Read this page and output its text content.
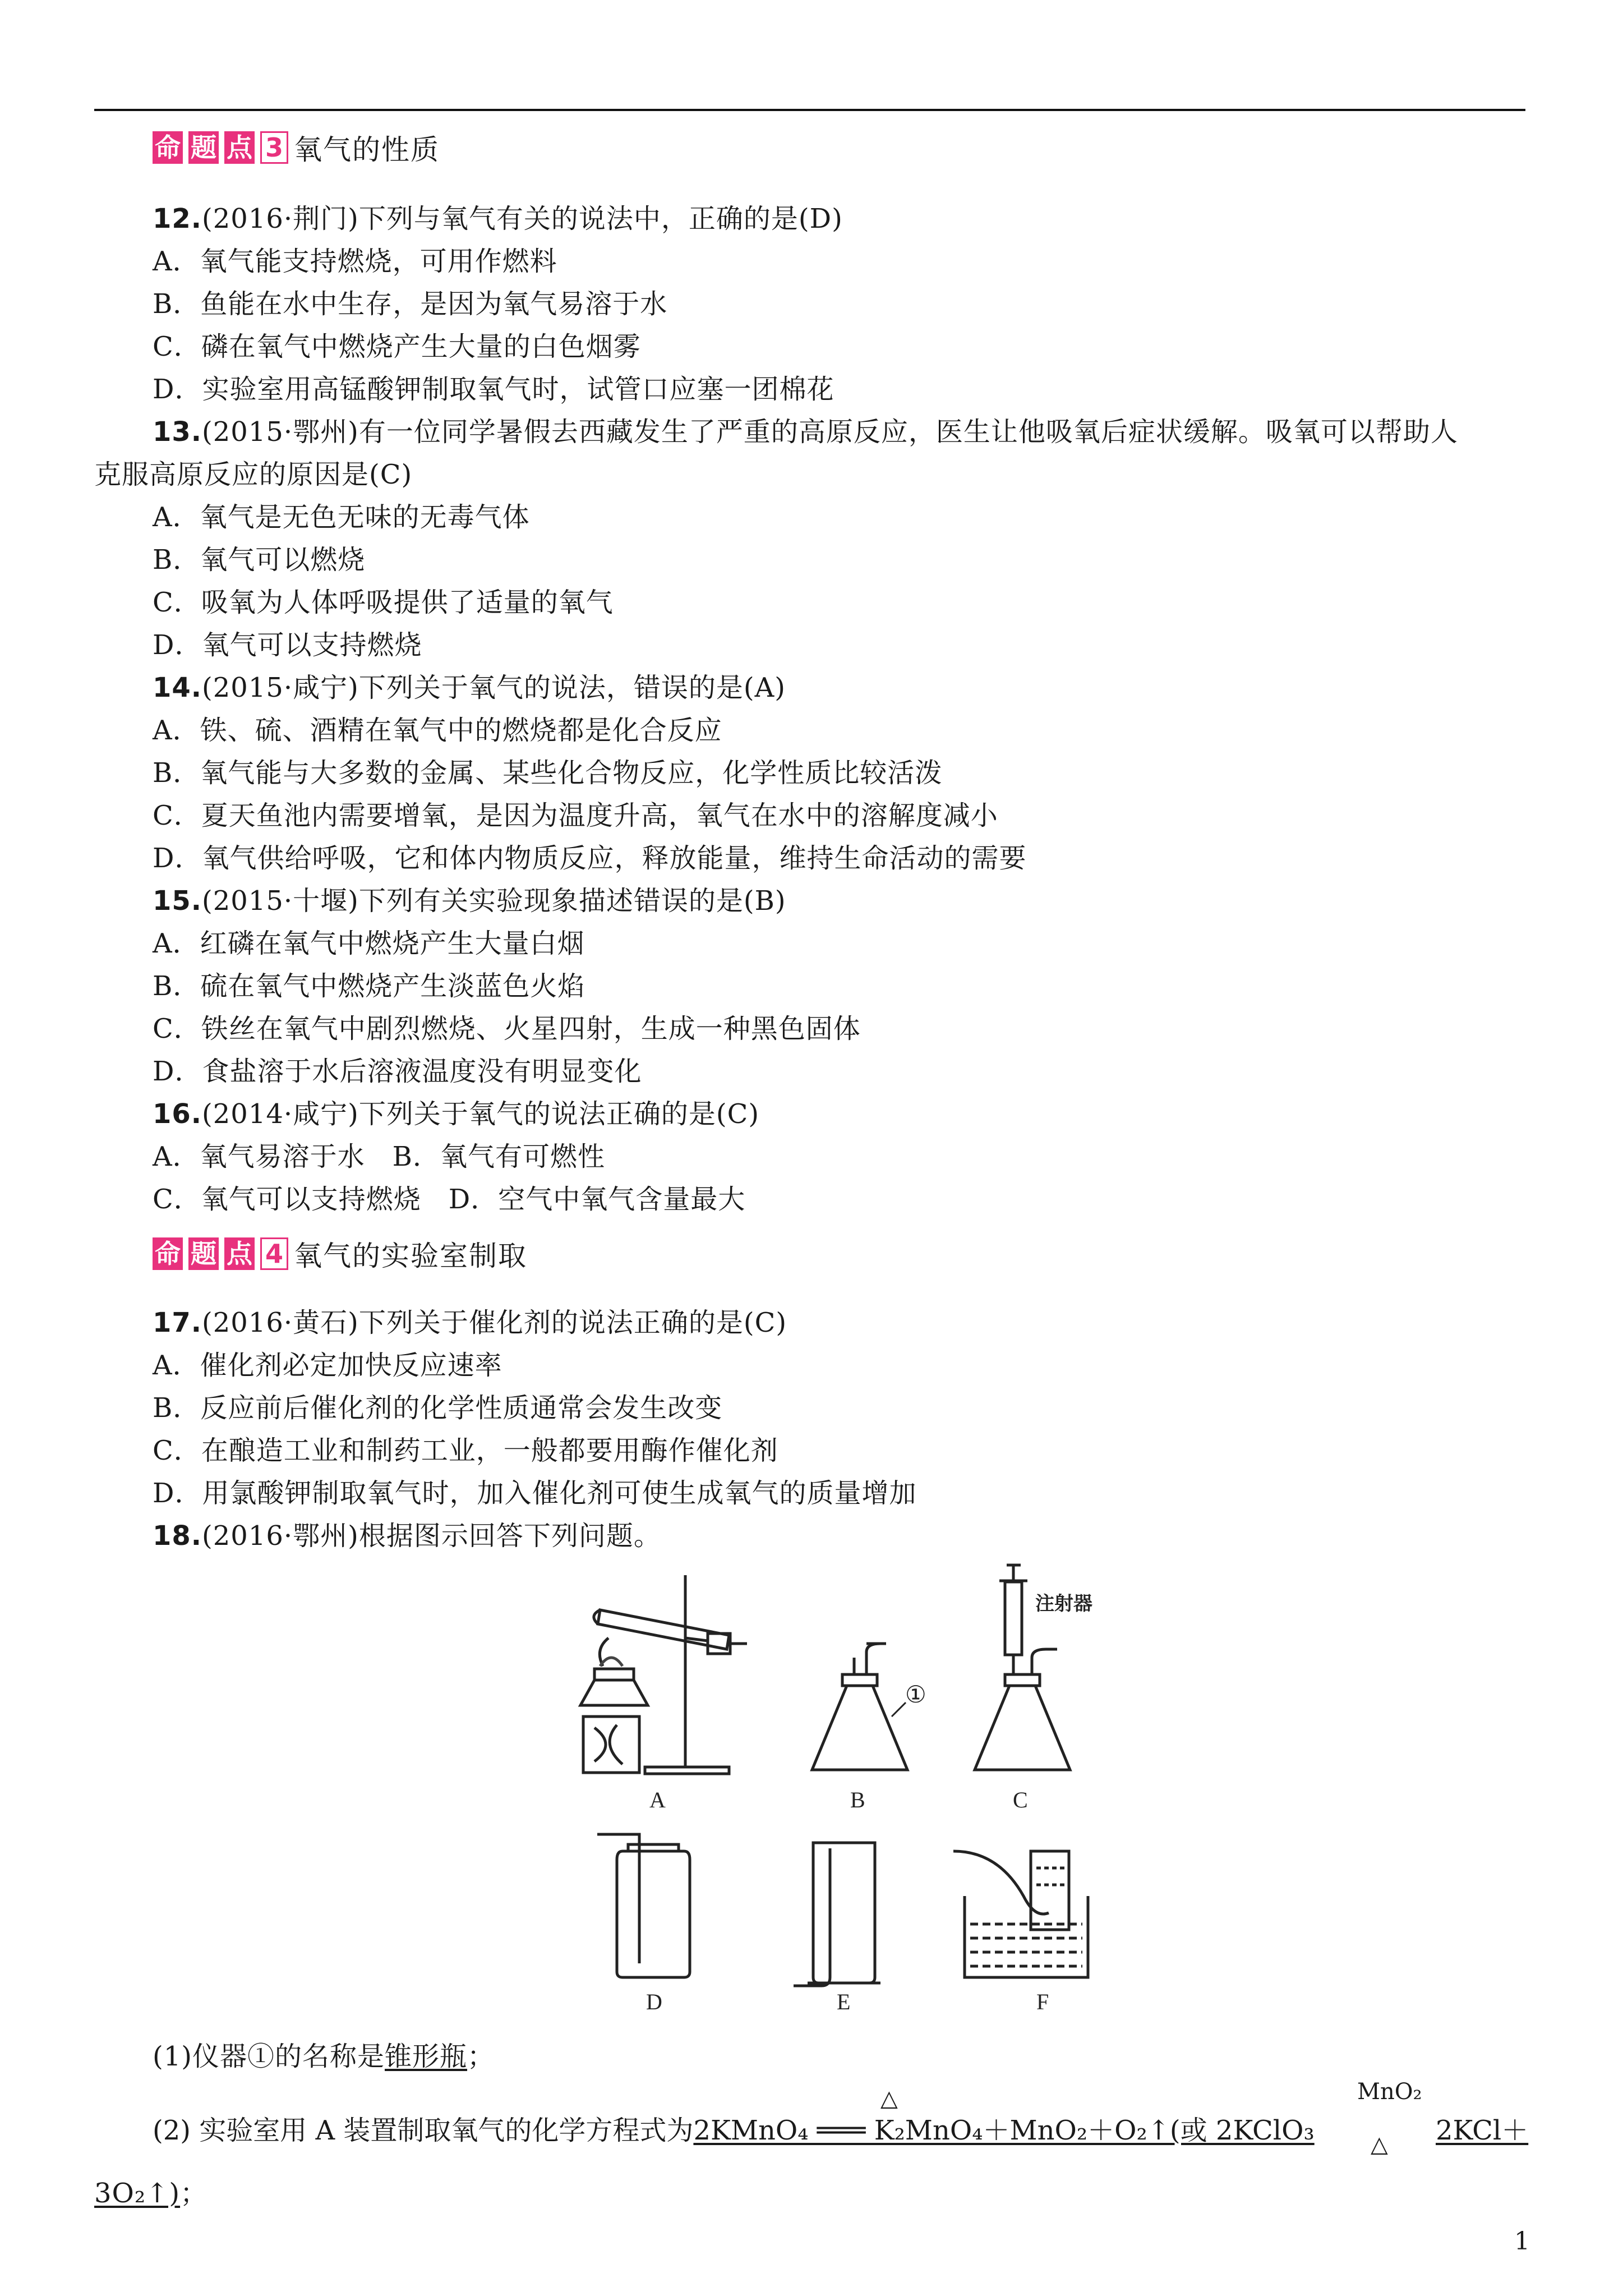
命 题 点 3 氧气的性质
12.(2016·荆门)下列与氧气有关的说法中，正确的是(D)
A．氧气能支持燃烧，可用作燃料
B．鱼能在水中生存，是因为氧气易溶于水
C．磷在氧气中燃烧产生大量的白色烟雾
D．实验室用高锰酸钾制取氧气时，试管口应塞一团棉花
13.(2015·鄂州)有一位同学暑假去西藏发生了严重的高原反应，医生让他吸氧后症状缓解。吸氧可以帮助人
克服高原反应的原因是(C)
A．氧气是无色无味的无毒气体
B．氧气可以燃烧
C．吸氧为人体呼吸提供了适量的氧气
D．氧气可以支持燃烧
14.(2015·咸宁)下列关于氧气的说法，错误的是(A)
A．铁、硫、酒精在氧气中的燃烧都是化合反应
B．氧气能与大多数的金属、某些化合物反应，化学性质比较活泼
C．夏天鱼池内需要增氧，是因为温度升高，氧气在水中的溶解度减小
D．氧气供给呼吸，它和体内物质反应，释放能量，维持生命活动的需要
15.(2015·十堰)下列有关实验现象描述错误的是(B)
A．红磷在氧气中燃烧产生大量白烟
B．硫在氧气中燃烧产生淡蓝色火焰
C．铁丝在氧气中剧烈燃烧、火星四射，生成一种黑色固体
D．食盐溶于水后溶液温度没有明显变化
16.(2014·咸宁)下列关于氧气的说法正确的是(C)
A．氧气易溶于水　B．氧气有可燃性
C．氧气可以支持燃烧　D．空气中氧气含量最大
命 题 点 4 氧气的实验室制取
17.(2016·黄石)下列关于催化剂的说法正确的是(C)
A．催化剂必定加快反应速率
B．反应前后催化剂的化学性质通常会发生改变
C．在酿造工业和制药工业，一般都要用酶作催化剂
D．用氯酸钾制取氧气时，加入催化剂可使生成氧气的质量增加
18.(2016·鄂州)根据图示回答下列问题。
A	B	C
D	E	F
①
注射器
(1)仪器①的名称是锥形瓶；
(2) 实验室用 A 装置制取氧气的化学方程式为2KMnO₄ ═══ K₂MnO₄＋MnO₂＋O₂↑(或 2KClO₃
△	MnO₂
△ 2KCl＋
3O₂↑)；
1
